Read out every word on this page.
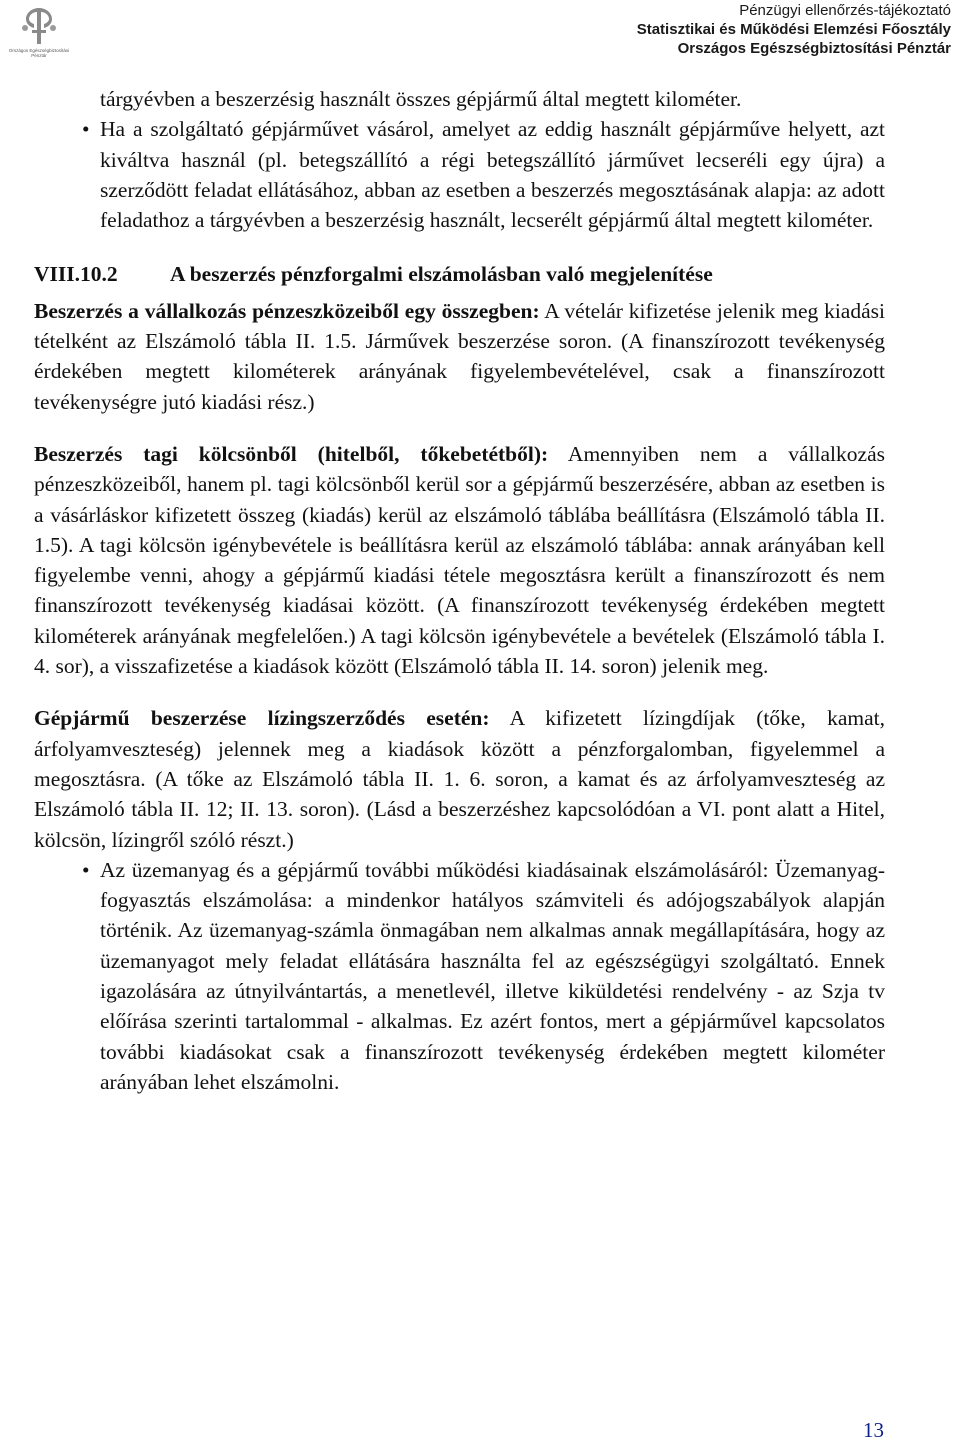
Országos Egészségbiztosítási Pénztár
Pénzügyi ellenőrzés-tájékoztató
Statisztikai és Működési Elemzési Főosztály
Országos Egészségbiztosítási Pénztár

tárgyévben a beszerzésig használt összes gépjármű által megtett kilométer.

• Ha a szolgáltató gépjárművet vásárol, amelyet az eddig használt gépjárműve helyett, azt kiváltva használ (pl. betegszállító a régi betegszállító járművet lecseréli egy újra) a szerződött feladat ellátásához, abban az esetben a beszerzés megosztásának alapja: az adott feladathoz a tárgyévben a beszerzésig használt, lecserélt gépjármű által megtett kilométer.

VIII.10.2	A beszerzés pénzforgalmi elszámolásban való megjelenítése

Beszerzés a vállalkozás pénzeszközeiből egy összegben: A vételár kifizetése jelenik meg kiadási tételként az Elszámoló tábla II. 1.5. Járművek beszerzése soron. (A finanszírozott tevékenység érdekében megtett kilométerek arányának figyelembevételével, csak a finanszírozott tevékenységre jutó kiadási rész.)

Beszerzés tagi kölcsönből (hitelből, tőkebetétből): Amennyiben nem a vállalkozás pénzeszközeiből, hanem pl. tagi kölcsönből kerül sor a gépjármű beszerzésére, abban az esetben is a vásárláskor kifizetett összeg (kiadás) kerül az elszámoló táblába beállításra (Elszámoló tábla II. 1.5). A tagi kölcsön igénybevétele is beállításra kerül az elszámoló táblába: annak arányában kell figyelembe venni, ahogy a gépjármű kiadási tétele megosztásra került a finanszírozott és nem finanszírozott tevékenység kiadásai között. (A finanszírozott tevékenység érdekében megtett kilométerek arányának megfelelően.) A tagi kölcsön igénybevétele a bevételek (Elszámoló tábla I. 4. sor), a visszafizetése a kiadások között (Elszámoló tábla II. 14. soron) jelenik meg.

Gépjármű beszerzése lízingszerződés esetén: A kifizetett lízingdíjak (tőke, kamat, árfolyamveszteség) jelennek meg a kiadások között a pénzforgalomban, figyelemmel a megosztásra. (A tőke az Elszámoló tábla II. 1. 6. soron, a kamat és az árfolyamveszteség az Elszámoló tábla II. 12; II. 13. soron). (Lásd a beszerzéshez kapcsolódóan a VI. pont alatt a Hitel, kölcsön, lízingről szóló részt.)

• Az üzemanyag és a gépjármű további működési kiadásainak elszámolásáról: Üzemanyag-fogyasztás elszámolása: a mindenkor hatályos számviteli és adójogszabályok alapján történik. Az üzemanyag-számla önmagában nem alkalmas annak megállapítására, hogy az üzemanyagot mely feladat ellátására használta fel az egészségügyi szolgáltató. Ennek igazolására az útnyilvántartás, a menetlevél, illetve kiküldetési rendelvény - az Szja tv előírása szerinti tartalommal - alkalmas. Ez azért fontos, mert a gépjárművel kapcsolatos további kiadásokat csak a finanszírozott tevékenység érdekében megtett kilométer arányában lehet elszámolni.

13
